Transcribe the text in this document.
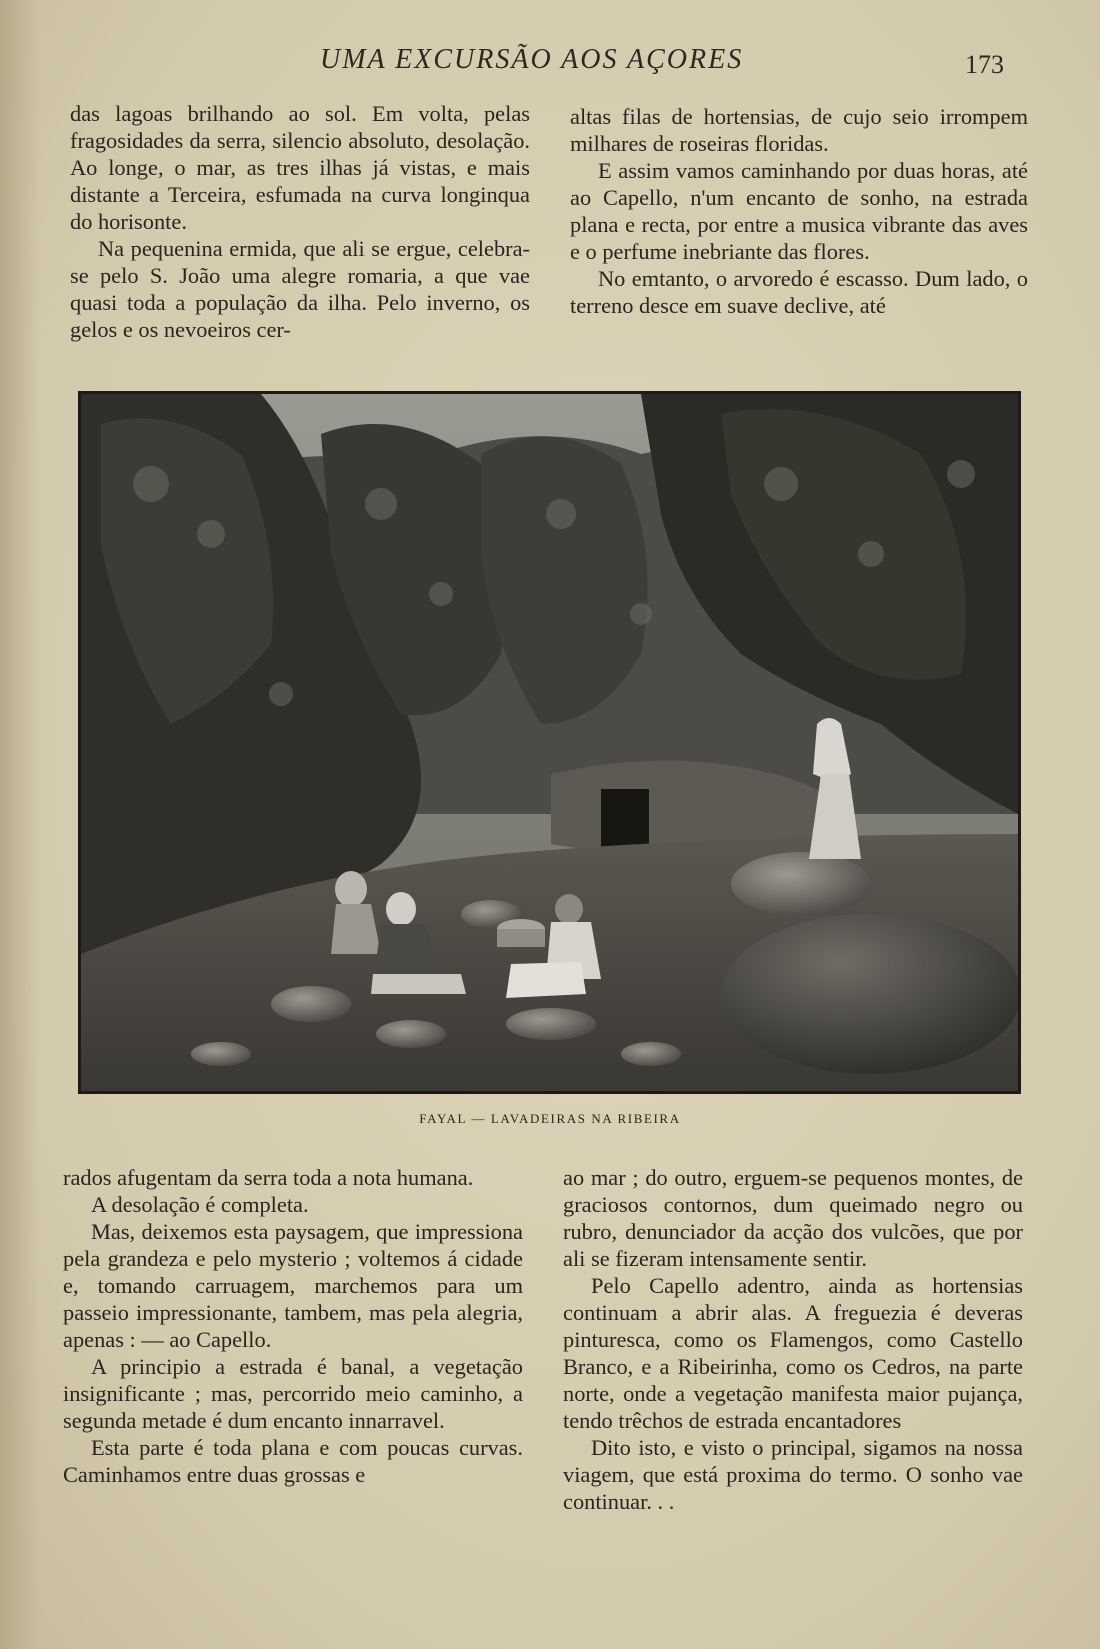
UMA EXCURSÃO AOS AÇORES	173

das lagoas brilhando ao sol. Em volta, pelas fragosidades da serra, silencio absoluto, desolação. Ao longe, o mar, as tres ilhas já vistas, e mais distante a Terceira, esfumada na curva longinqua do horisonte.

Na pequenina ermida, que ali se ergue, celebra-se pelo S. João uma alegre romaria, a que vae quasi toda a população da ilha. Pelo inverno, os gelos e os nevoeiros cer-

altas filas de hortensias, de cujo seio irrompem milhares de roseiras floridas.

E assim vamos caminhando por duas horas, até ao Capello, n'um encanto de sonho, na estrada plana e recta, por entre a musica vibrante das aves e o perfume inebriante das flores.

No emtanto, o arvoredo é escasso. Dum lado, o terreno desce em suave declive, até

FAYAL — LAVADEIRAS NA RIBEIRA

rados afugentam da serra toda a nota humana.

A desolação é completa.

Mas, deixemos esta paysagem, que impressiona pela grandeza e pelo mysterio ; voltemos á cidade e, tomando carruagem, marchemos para um passeio impressionante, tambem, mas pela alegria, apenas : — ao Capello.

A principio a estrada é banal, a vegetação insignificante ; mas, percorrido meio caminho, a segunda metade é dum encanto innarravel.

Esta parte é toda plana e com poucas curvas. Caminhamos entre duas grossas e

ao mar ; do outro, erguem-se pequenos montes, de graciosos contornos, dum queimado negro ou rubro, denunciador da acção dos vulcões, que por ali se fizeram intensamente sentir.

Pelo Capello adentro, ainda as hortensias continuam a abrir alas. A freguezia é deveras pinturesca, como os Flamengos, como Castello Branco, e a Ribeirinha, como os Cedros, na parte norte, onde a vegetação manifesta maior pujança, tendo trêchos de estrada encantadores

Dito isto, e visto o principal, sigamos na nossa viagem, que está proxima do termo. O sonho vae continuar. . .
